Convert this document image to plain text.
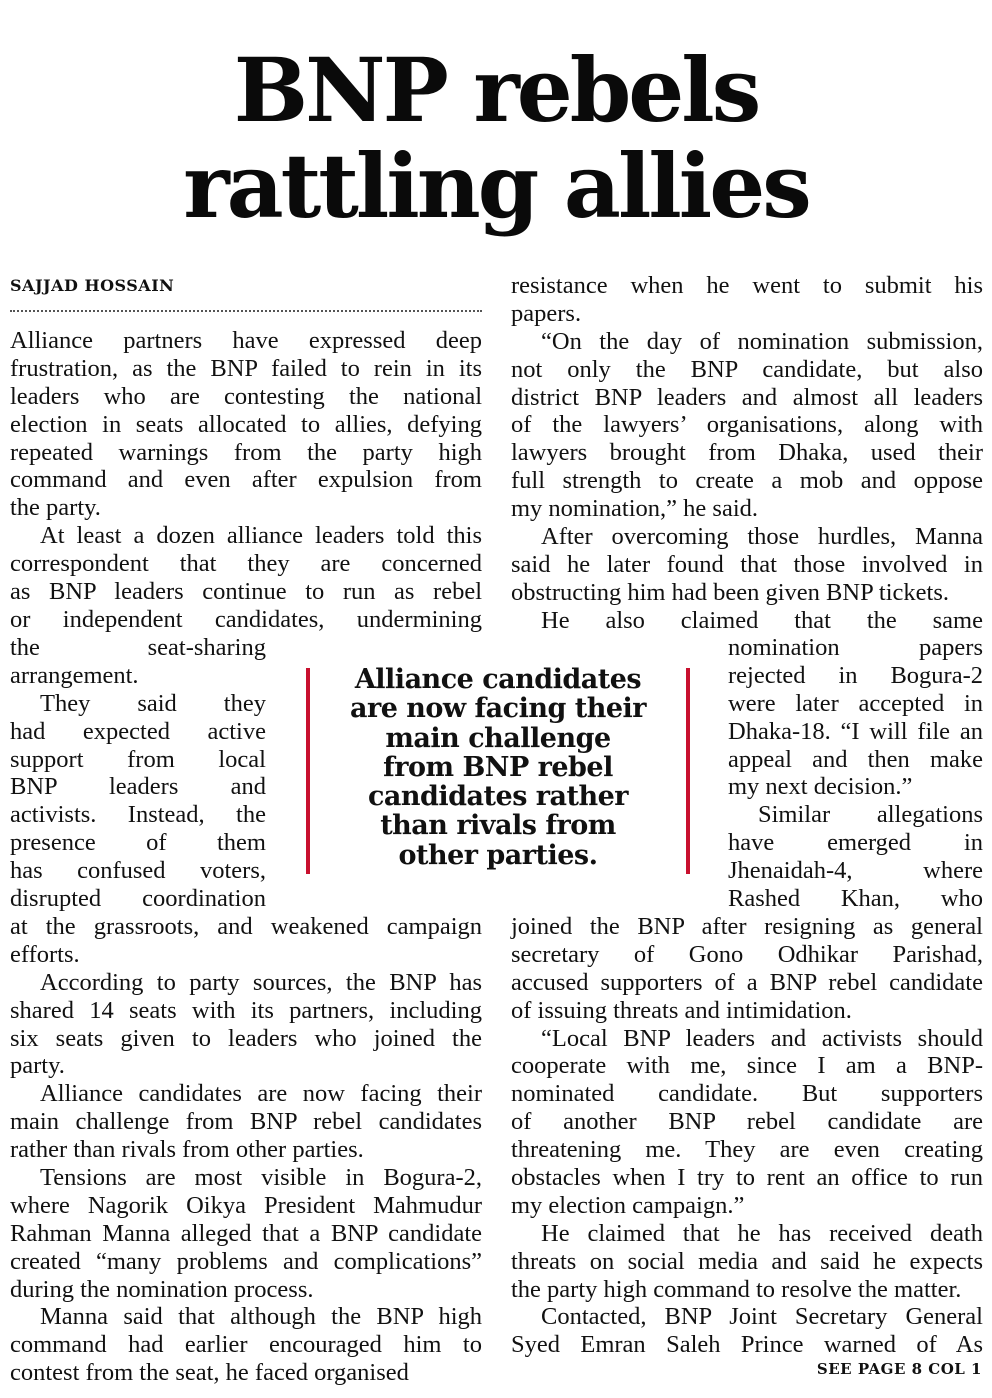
BNP rebels
rattling allies
SAJJAD HOSSAIN

Alliance partners have expressed deep

frustration, as the BNP failed to rein in its

leaders who are contesting the national

election in seats allocated to allies, defying

repeated warnings from the party high

command and even after expulsion from

the party.

At least a dozen alliance leaders told this

correspondent that they are concerned

as BNP leaders continue to run as rebel

or independent candidates, undermining

the seat-sharing

arrangement.

They said they

had expected active

support from local

BNP leaders and

activists. Instead, the

presence of them

has confused voters,

disrupted coordination

at the grassroots, and weakened campaign

efforts.

According to party sources, the BNP has

shared 14 seats with its partners, including

six seats given to leaders who joined the

party.

Alliance candidates are now facing their

main challenge from BNP rebel candidates

rather than rivals from other parties.

Tensions are most visible in Bogura-2,

where Nagorik Oikya President Mahmudur

Rahman Manna alleged that a BNP candidate

created “many problems and complications”

during the nomination process.

Manna said that although the BNP high

command had earlier encouraged him to

contest from the seat, he faced organised

resistance when he went to submit his

papers.

“On the day of nomination submission,

not only the BNP candidate, but also

district BNP leaders and almost all leaders

of the lawyers’ organisations, along with

lawyers brought from Dhaka, used their

full strength to create a mob and oppose

my nomination,” he said.

After overcoming those hurdles, Manna

said he later found that those involved in

obstructing him had been given BNP tickets.

He also claimed that the same

nomination papers

rejected in Bogura-2

were later accepted in

Dhaka-18. “I will file an

appeal and then make

my next decision.”

Similar allegations

have emerged in

Jhenaidah-4, where

Rashed Khan, who

joined the BNP after resigning as general

secretary of Gono Odhikar Parishad,

accused supporters of a BNP rebel candidate

of issuing threats and intimidation.

“Local BNP leaders and activists should

cooperate with me, since I am a BNP-

nominated candidate. But supporters

of another BNP rebel candidate are

threatening me. They are even creating

obstacles when I try to rent an office to run

my election campaign.”

He claimed that he has received death

threats on social media and said he expects

the party high command to resolve the matter.

Contacted, BNP Joint Secretary General

Syed Emran Saleh Prince warned of As

Alliance candidates
are now facing their
main challenge
from BNP rebel
candidates rather
than rivals from
other parties.
SEE PAGE 8 COL 1
